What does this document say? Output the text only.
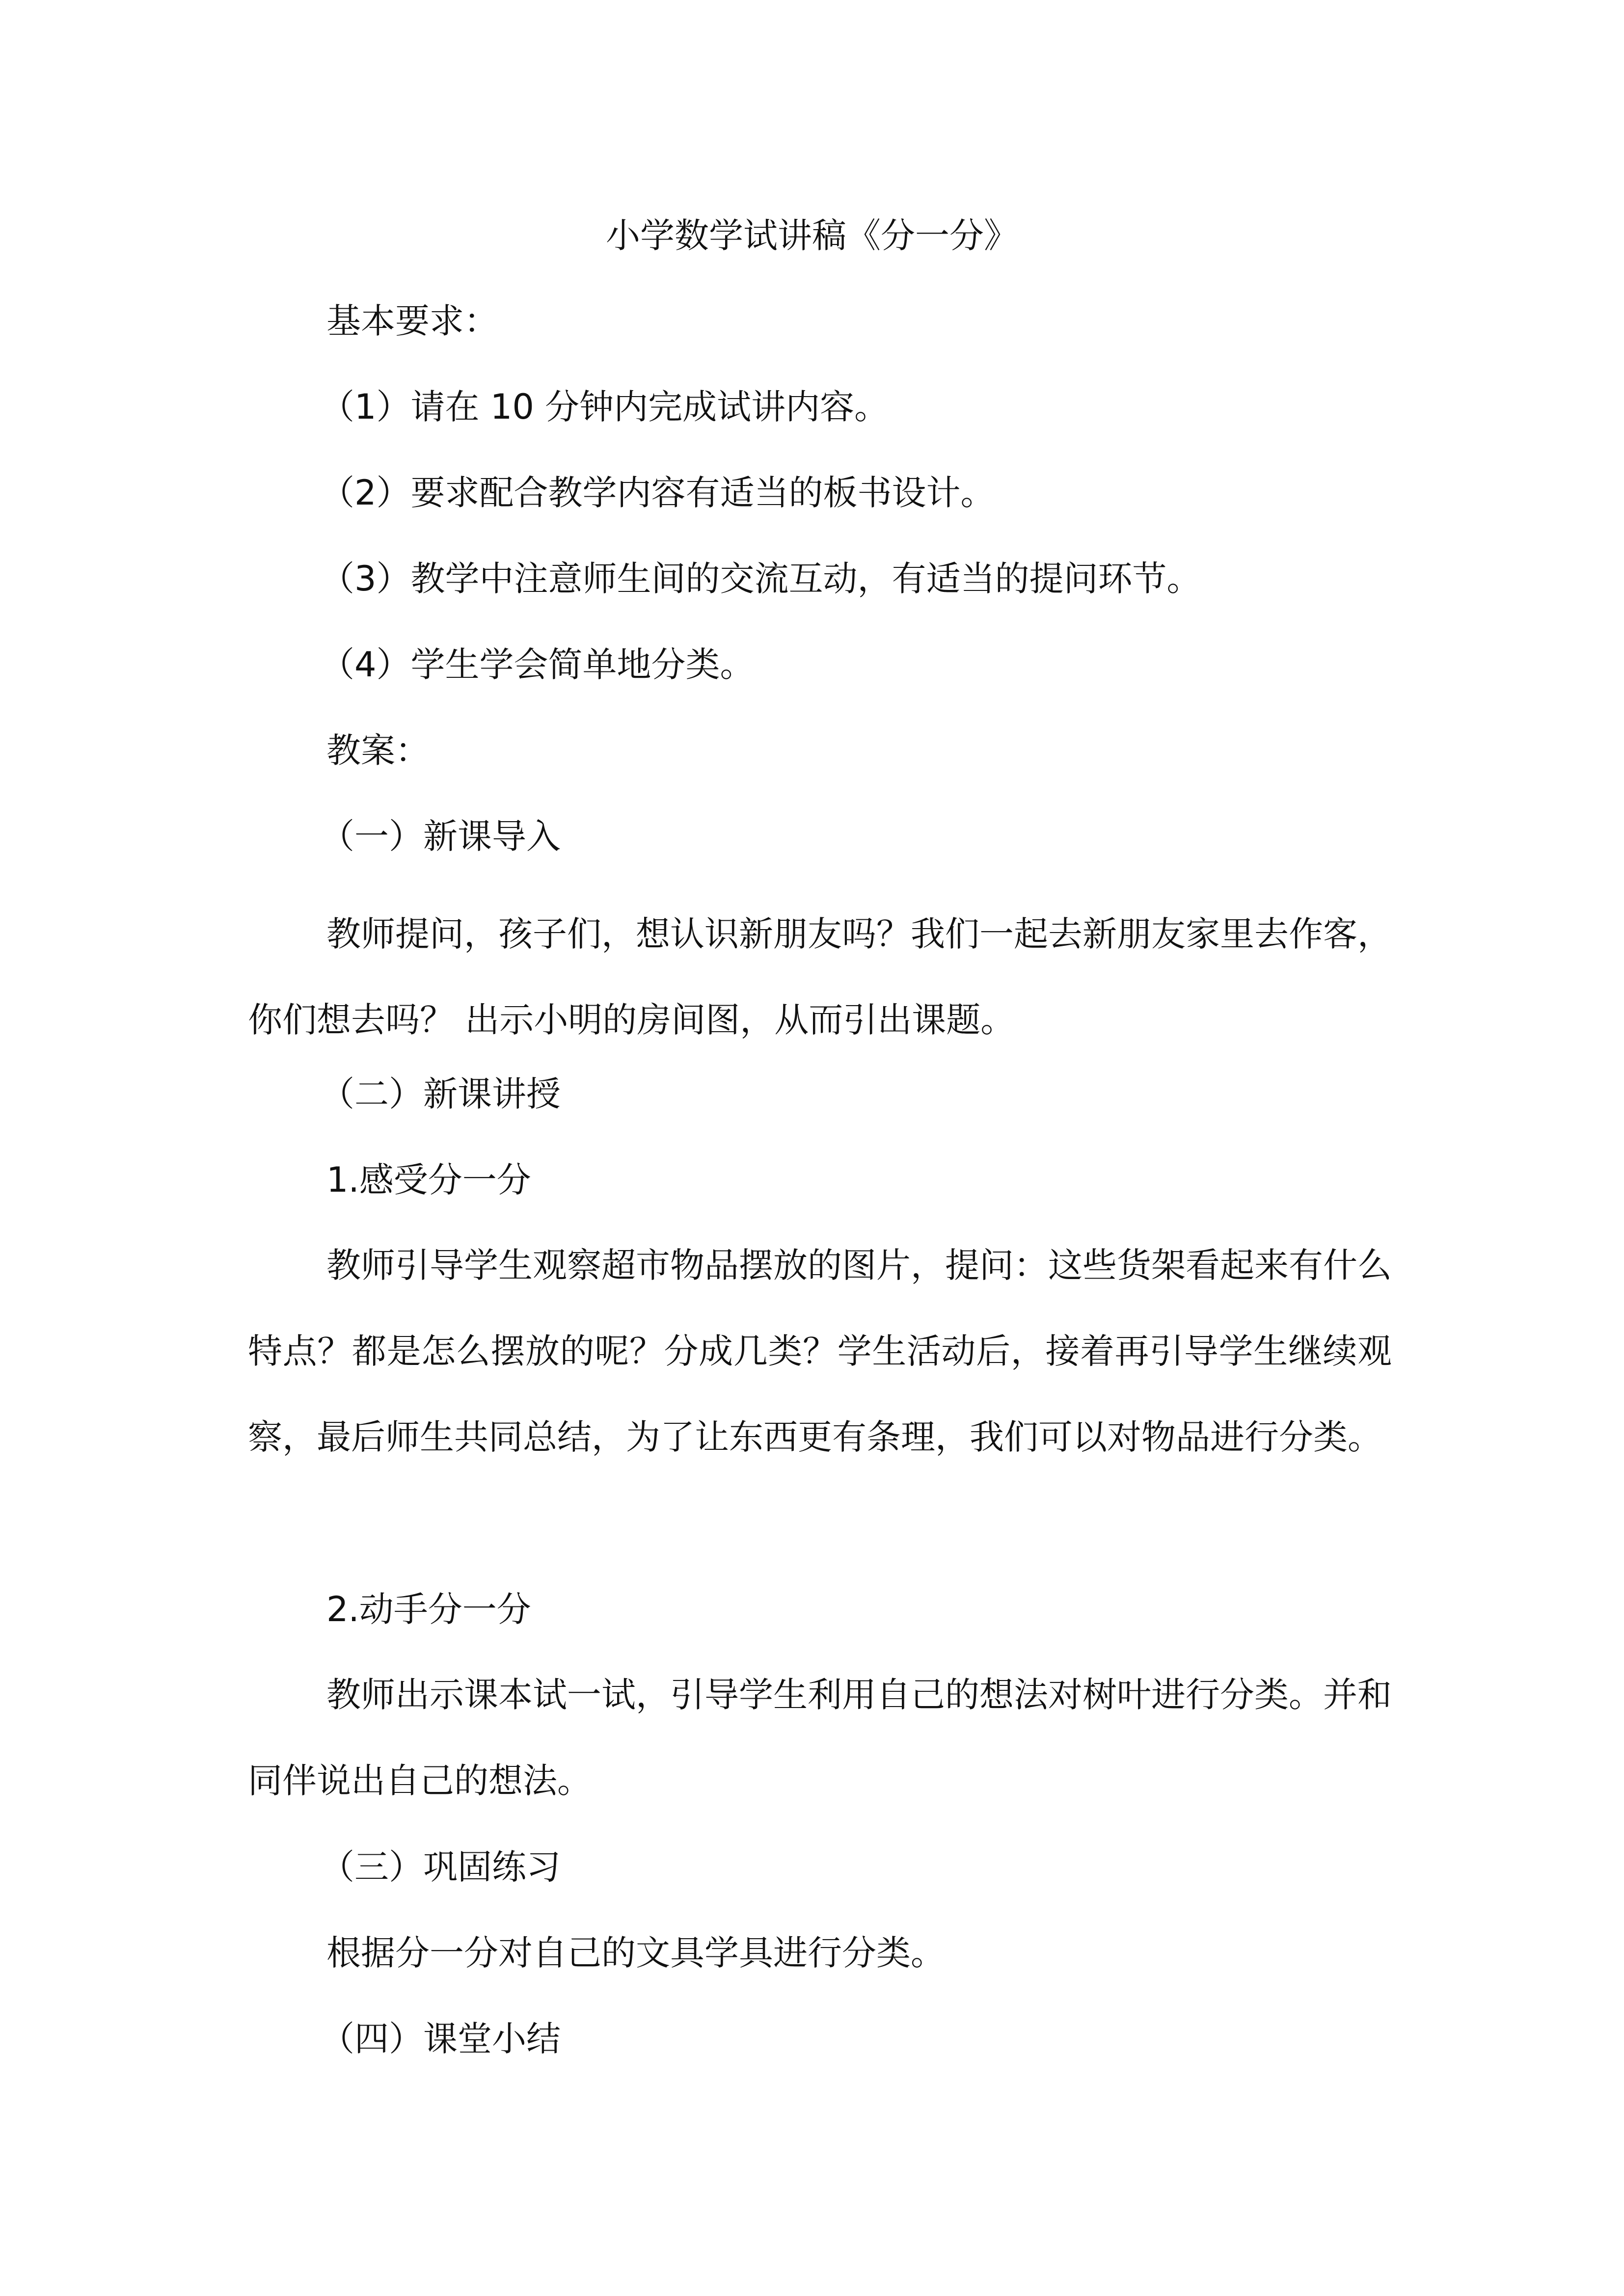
小学数学试讲稿《分一分》
基本要求：
（1）请在 10 分钟内完成试讲内容。
（2）要求配合教学内容有适当的板书设计。
（3）教学中注意师生间的交流互动，有适当的提问环节。
（4）学生学会简单地分类。
教案：
（一）新课导入
教师提问，孩子们，想认识新朋友吗？我们一起去新朋友家里去作客，你们想去吗？ 出示小明的房间图，从而引出课题。
（二）新课讲授
1.感受分一分
教师引导学生观察超市物品摆放的图片，提问：这些货架看起来有什么特点？都是怎么摆放的呢？分成几类？学生活动后，接着再引导学生继续观察，最后师生共同总结，为了让东西更有条理，我们可以对物品进行分类。
2.动手分一分
教师出示课本试一试，引导学生利用自己的想法对树叶进行分类。并和同伴说出自己的想法。
（三）巩固练习
根据分一分对自己的文具学具进行分类。
（四）课堂小结
